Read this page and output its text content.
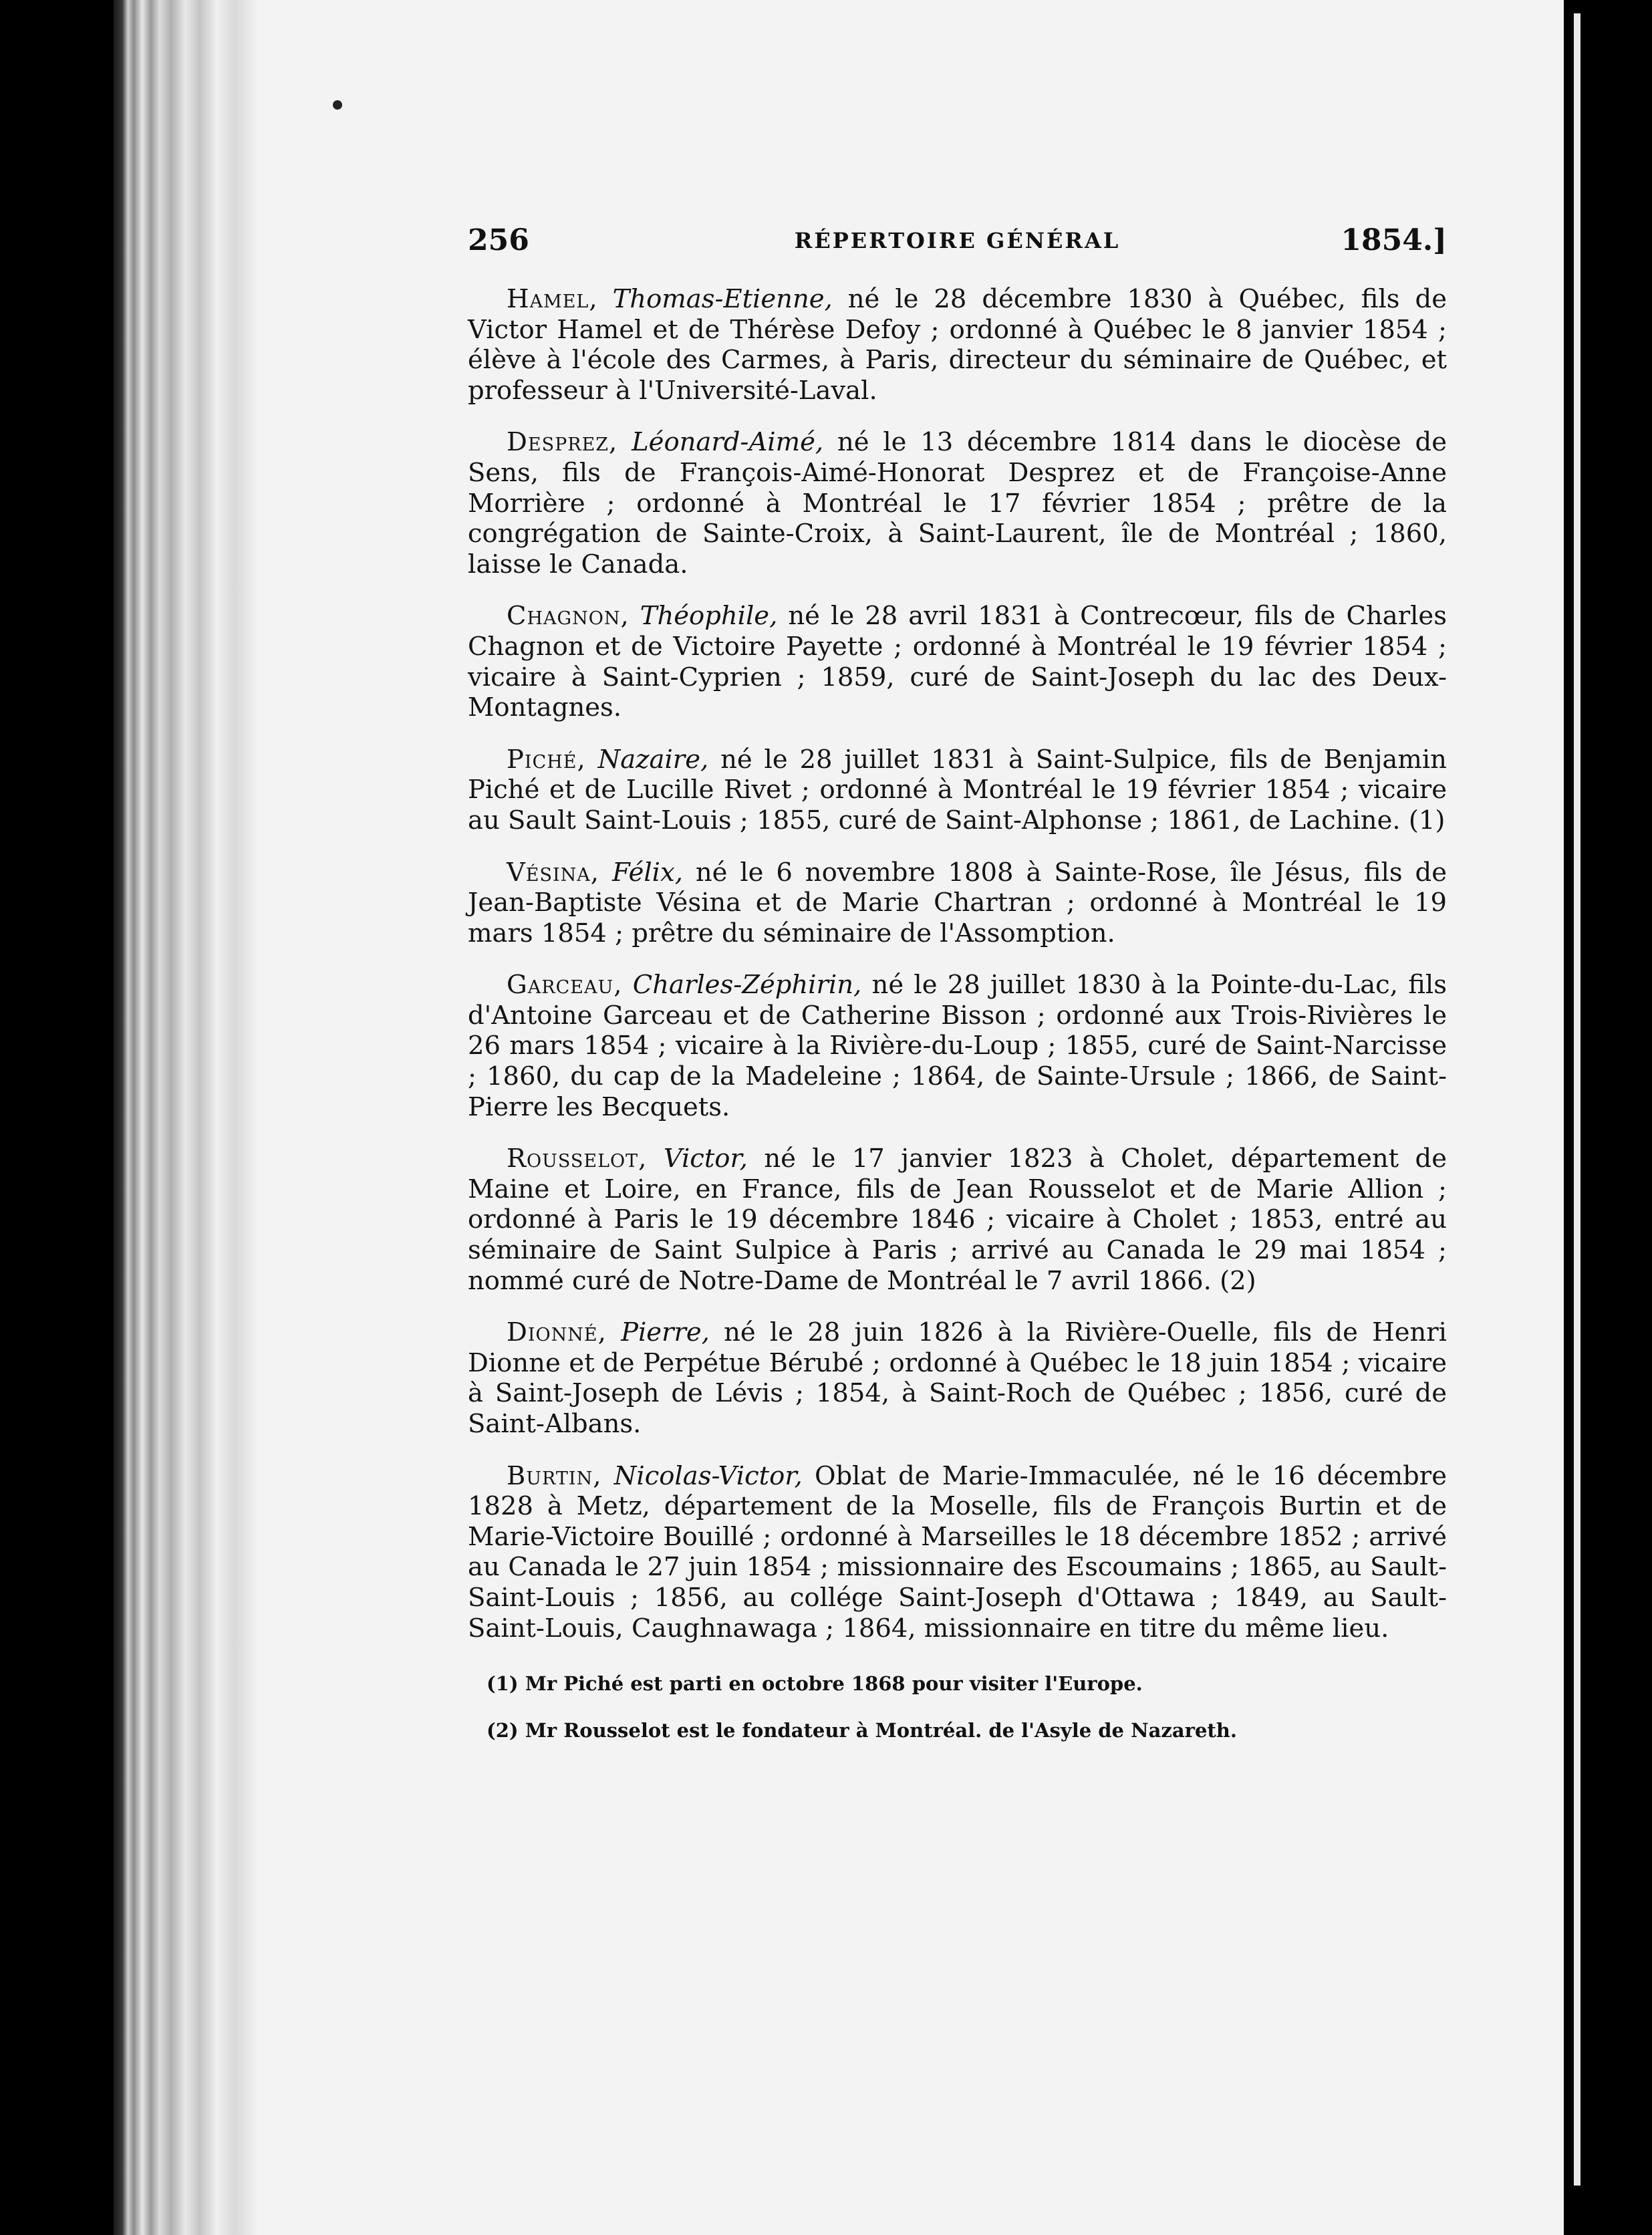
256	RÉPERTOIRE GÉNÉRAL	1854.]

Hamel, Thomas-Etienne, né le 28 décembre 1830 à Québec, fils de Victor Hamel et de Thérèse Defoy ; ordonné à Québec le 8 janvier 1854 ; élève à l'école des Carmes, à Paris, directeur du séminaire de Québec, et professeur à l'Université-Laval.

Desprez, Léonard-Aimé, né le 13 décembre 1814 dans le diocèse de Sens, fils de François-Aimé-Honorat Desprez et de Françoise-Anne Morrière ; ordonné à Montréal le 17 février 1854 ; prêtre de la congrégation de Sainte-Croix, à Saint-Laurent, île de Montréal ; 1860, laisse le Canada.

Chagnon, Théophile, né le 28 avril 1831 à Contrecœur, fils de Charles Chagnon et de Victoire Payette ; ordonné à Montréal le 19 février 1854 ; vicaire à Saint-Cyprien ; 1859, curé de Saint-Joseph du lac des Deux-Montagnes.

Piché, Nazaire, né le 28 juillet 1831 à Saint-Sulpice, fils de Benjamin Piché et de Lucille Rivet ; ordonné à Montréal le 19 février 1854 ; vicaire au Sault Saint-Louis ; 1855, curé de Saint-Alphonse ; 1861, de Lachine. (1)

Vésina, Félix, né le 6 novembre 1808 à Sainte-Rose, île Jésus, fils de Jean-Baptiste Vésina et de Marie Chartran ; ordonné à Montréal le 19 mars 1854 ; prêtre du séminaire de l'Assomption.

Garceau, Charles-Zéphirin, né le 28 juillet 1830 à la Pointe-du-Lac, fils d'Antoine Garceau et de Catherine Bisson ; ordonné aux Trois-Rivières le 26 mars 1854 ; vicaire à la Rivière-du-Loup ; 1855, curé de Saint-Narcisse ; 1860, du cap de la Madeleine ; 1864, de Sainte-Ursule ; 1866, de Saint-Pierre les Becquets.

Rousselot, Victor, né le 17 janvier 1823 à Cholet, département de Maine et Loire, en France, fils de Jean Rousselot et de Marie Allion ; ordonné à Paris le 19 décembre 1846 ; vicaire à Cholet ; 1853, entré au séminaire de Saint Sulpice à Paris ; arrivé au Canada le 29 mai 1854 ; nommé curé de Notre-Dame de Montréal le 7 avril 1866. (2)

Dionné, Pierre, né le 28 juin 1826 à la Rivière-Ouelle, fils de Henri Dionne et de Perpétue Bérubé ; ordonné à Québec le 18 juin 1854 ; vicaire à Saint-Joseph de Lévis ; 1854, à Saint-Roch de Québec ; 1856, curé de Saint-Albans.

Burtin, Nicolas-Victor, Oblat de Marie-Immaculée, né le 16 décembre 1828 à Metz, département de la Moselle, fils de François Burtin et de Marie-Victoire Bouillé ; ordonné à Marseilles le 18 décembre 1852 ; arrivé au Canada le 27 juin 1854 ; missionnaire des Escoumains ; 1865, au Sault-Saint-Louis ; 1856, au collége Saint-Joseph d'Ottawa ; 1849, au Sault-Saint-Louis, Caughnawaga ; 1864, missionnaire en titre du même lieu.

(1) Mr Piché est parti en octobre 1868 pour visiter l'Europe.

(2) Mr Rousselot est le fondateur à Montréal. de l'Asyle de Nazareth.
